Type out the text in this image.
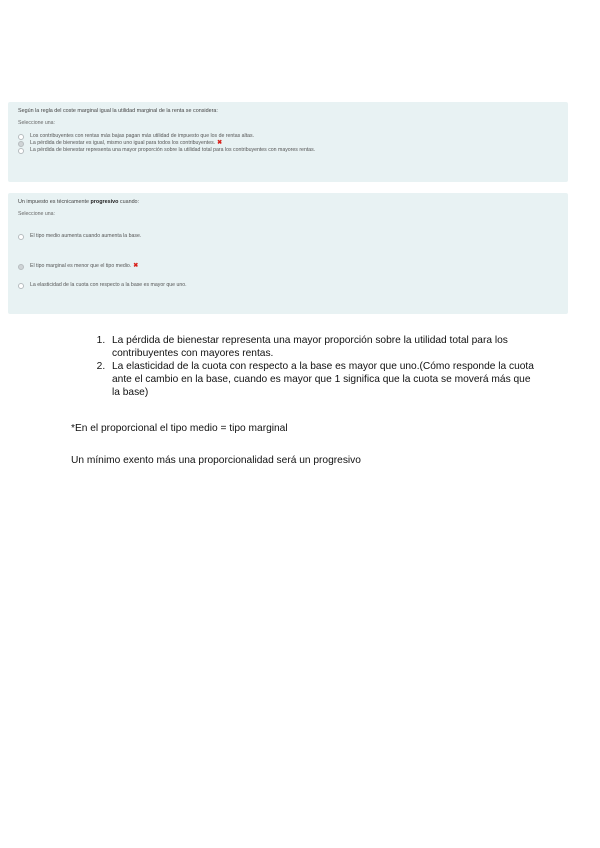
Según la regla del coste marginal igual la utilidad marginal de la renta se considera:
Seleccione una:
Los contribuyentes con rentas más bajas pagan más utilidad de impuesto que los de rentas altas.
La pérdida de bienestar es igual, mismo uno igual para todos los contribuyentes. ✖
La pérdida de bienestar representa una mayor proporción sobre la utilidad total para los contribuyentes con mayores rentas.
Un impuesto es técnicamente progresivo cuando:
Seleccione una:
El tipo medio aumenta cuando aumenta la base.
El tipo marginal es menor que el tipo medio. ✖
La elasticidad de la cuota con respecto a la base es mayor que uno.
1. La pérdida de bienestar representa una mayor proporción sobre la utilidad total para los contribuyentes con mayores rentas.
2. La elasticidad de la cuota con respecto a la base es mayor que uno.(Cómo responde la cuota ante el cambio en la base, cuando es mayor que 1 significa que la cuota se moverá más que la base)
*En el proporcional el tipo medio = tipo marginal
Un mínimo exento más una proporcionalidad será un progresivo
